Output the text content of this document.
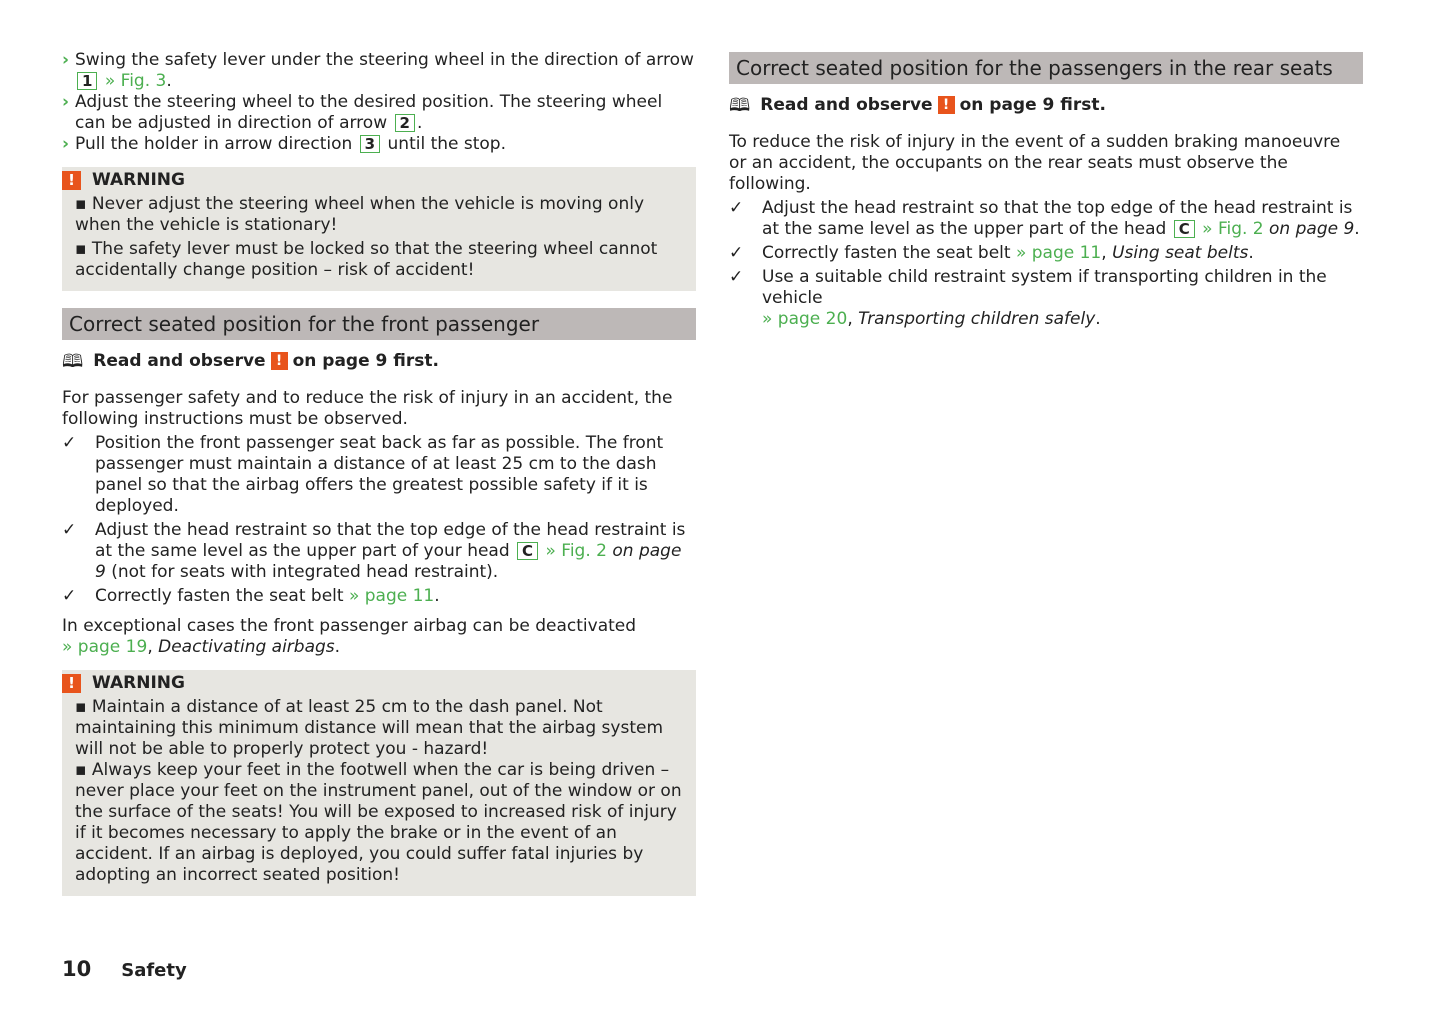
› Swing the safety lever under the steering wheel in the direction of arrow 1 » Fig. 3.
› Adjust the steering wheel to the desired position. The steering wheel can be adjusted in direction of arrow 2 .
› Pull the holder in arrow direction 3 until the stop.
!	WARNING

▪ Never adjust the steering wheel when the vehicle is moving only when the vehicle is stationary!

▪ The safety lever must be locked so that the steering wheel cannot accidentally change position – risk of accident!

Correct seated position for the front passenger
🕮 Read and observe ! on page 9 first.
For passenger safety and to reduce the risk of injury in an accident, the following instructions must be observed.
✓ Position the front passenger seat back as far as possible. The front passenger must maintain a distance of at least 25 cm to the dash panel so that the airbag offers the greatest possible safety if it is deployed.
✓ Adjust the head restraint so that the top edge of the head restraint is at the same level as the upper part of your head C » Fig. 2 on page 9 (not for seats with integrated head restraint).
✓ Correctly fasten the seat belt » page 11.
In exceptional cases the front passenger airbag can be deactivated
» page 19, Deactivating airbags.
!	WARNING

▪ Maintain a distance of at least 25 cm to the dash panel. Not maintaining this minimum distance will mean that the airbag system will not be able to properly protect you - hazard!

▪ Always keep your feet in the footwell when the car is being driven – never place your feet on the instrument panel, out of the window or on the surface of the seats! You will be exposed to increased risk of injury if it becomes necessary to apply the brake or in the event of an accident. If an airbag is deployed, you could suffer fatal injuries by adopting an incorrect seated position!

Correct seated position for the passengers in the rear seats
🕮 Read and observe ! on page 9 first.
To reduce the risk of injury in the event of a sudden braking manoeuvre or an accident, the occupants on the rear seats must observe the following.
✓ Adjust the head restraint so that the top edge of the head restraint is at the same level as the upper part of the head C » Fig. 2 on page 9.
✓ Correctly fasten the seat belt » page 11, Using seat belts.
✓ Use a suitable child restraint system if transporting children in the vehicle
» page 20, Transporting children safely.
10 Safety
